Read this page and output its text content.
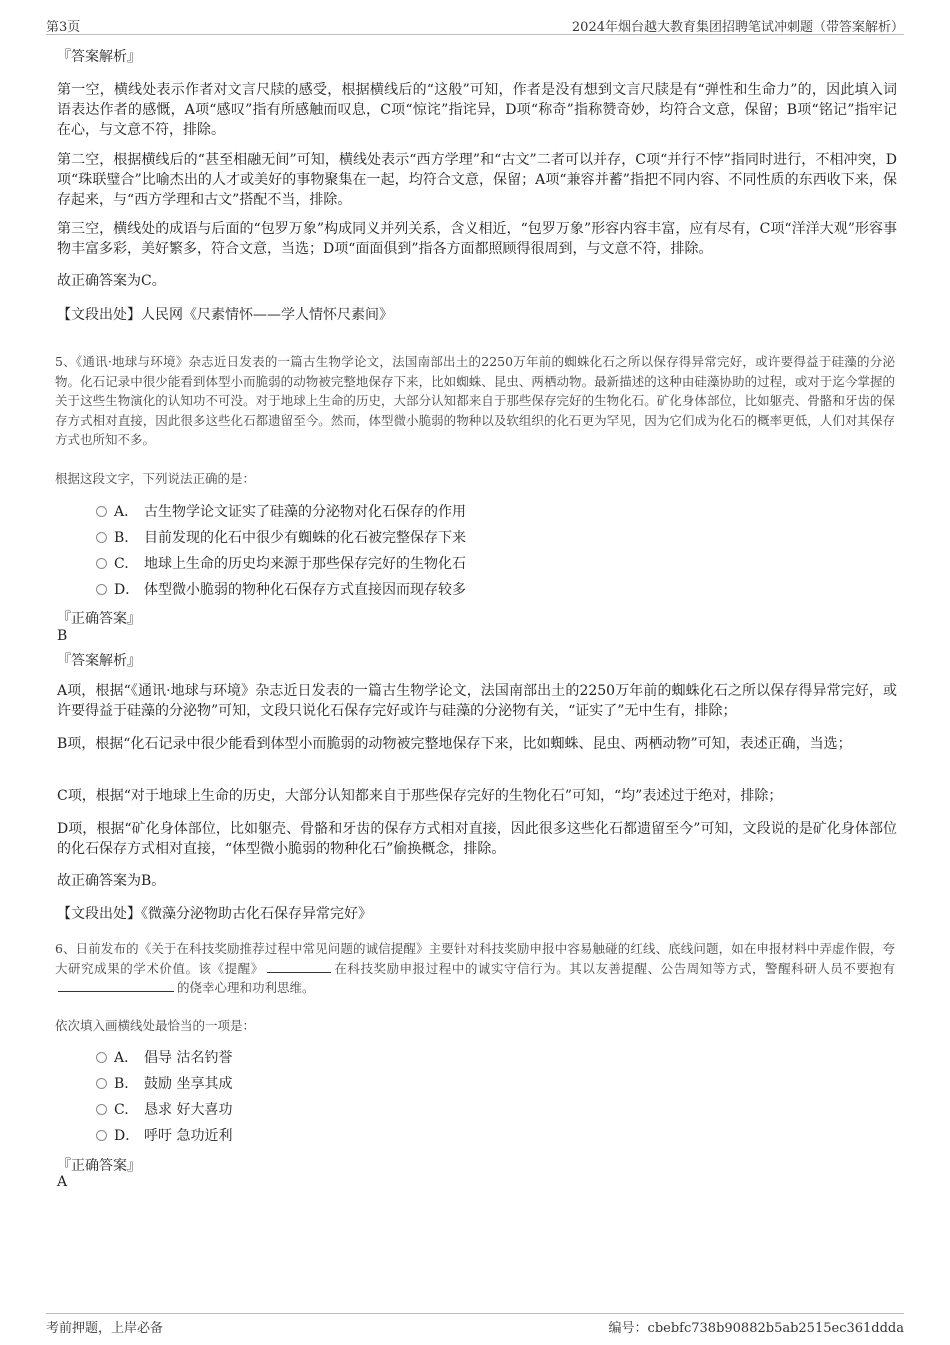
第3页	2024年烟台越大教育集团招聘笔试冲刺题（带答案解析）
『答案解析』
第一空，横线处表示作者对文言尺牍的感受，根据横线后的“这般”可知，作者是没有想到文言尺牍是有“弹性和生命力”的，因此填入词语表达作者的感慨，A项“感叹”指有所感触而叹息，C项“惊诧”指诧异，D项“称奇”指称赞奇妙，均符合文意，保留；B项“铭记”指牢记在心，与文意不符，排除。
第二空，根据横线后的“甚至相融无间”可知，横线处表示“西方学理”和“古文”二者可以并存，C项“并行不悖”指同时进行，不相冲突，D项“珠联璧合”比喻杰出的人才或美好的事物聚集在一起，均符合文意，保留；A项“兼容并蓄”指把不同内容、不同性质的东西收下来，保存起来，与“西方学理和古文”搭配不当，排除。
第三空，横线处的成语与后面的“包罗万象”构成同义并列关系，含义相近，“包罗万象”形容内容丰富，应有尽有，C项“洋洋大观”形容事物丰富多彩，美好繁多，符合文意，当选；D项“面面俱到”指各方面都照顾得很周到，与文意不符，排除。
故正确答案为C。
【文段出处】人民网《尺素情怀——学人情怀尺素间》
5、《通讯·地球与环境》杂志近日发表的一篇古生物学论文，法国南部出土的2250万年前的蜘蛛化石之所以保存得异常完好，或许要得益于硅藻的分泌物。化石记录中很少能看到体型小而脆弱的动物被完整地保存下来，比如蜘蛛、昆虫、两栖动物。最新描述的这种由硅藻协助的过程，或对于迄今掌握的关于这些生物演化的认知功不可没。对于地球上生命的历史，大部分认知都来自于那些保存完好的生物化石。矿化身体部位，比如躯壳、骨骼和牙齿的保存方式相对直接，因此很多这些化石都遗留至今。然而，体型微小脆弱的物种以及软组织的化石更为罕见，因为它们成为化石的概率更低，人们对其保存方式也所知不多。
根据这段文字，下列说法正确的是：
A． 古生物学论文证实了硅藻的分泌物对化石保存的作用
B. 目前发现的化石中很少有蜘蛛的化石被完整保存下来
C. 地球上生命的历史均来源于那些保存完好的生物化石
D． 体型微小脆弱的物种化石保存方式直接因而现存较多
『正确答案』
B
『答案解析』
A项，根据“《通讯·地球与环境》杂志近日发表的一篇古生物学论文，法国南部出土的2250万年前的蜘蛛化石之所以保存得异常完好，或许要得益于硅藻的分泌物”可知，文段只说化石保存完好或许与硅藻的分泌物有关，“证实了”无中生有，排除；
B项，根据“化石记录中很少能看到体型小而脆弱的动物被完整地保存下来，比如蜘蛛、昆虫、两栖动物”可知，表述正确，当选；
C项，根据“对于地球上生命的历史，大部分认知都来自于那些保存完好的生物化石”可知，“均”表述过于绝对，排除；
D项，根据“矿化身体部位，比如躯壳、骨骼和牙齿的保存方式相对直接，因此很多这些化石都遗留至今”可知，文段说的是矿化身体部位的化石保存方式相对直接，“体型微小脆弱的物种化石”偷换概念，排除。
故正确答案为B。
【文段出处】《微藻分泌物助古化石保存异常完好》
6、日前发布的《关于在科技奖励推荐过程中常见问题的诚信提醒》主要针对科技奖励申报中容易触碰的红线、底线问题，如在申报材料中弄虚作假，夸大研究成果的学术价值。该《提醒》	在科技奖励申报过程中的诚实守信行为。其以友善提醒、公告周知等方式，警醒科研人员不要抱有的侥幸心理和功利思维。
依次填入画横线处最恰当的一项是：
A． 倡导 沽名钓誉
B. 鼓励 坐享其成
C. 恳求 好大喜功
D． 呼吁 急功近利
『正确答案』
A
考前押题，上岸必备	编号：cbebfc738b90882b5ab2515ec361ddda
